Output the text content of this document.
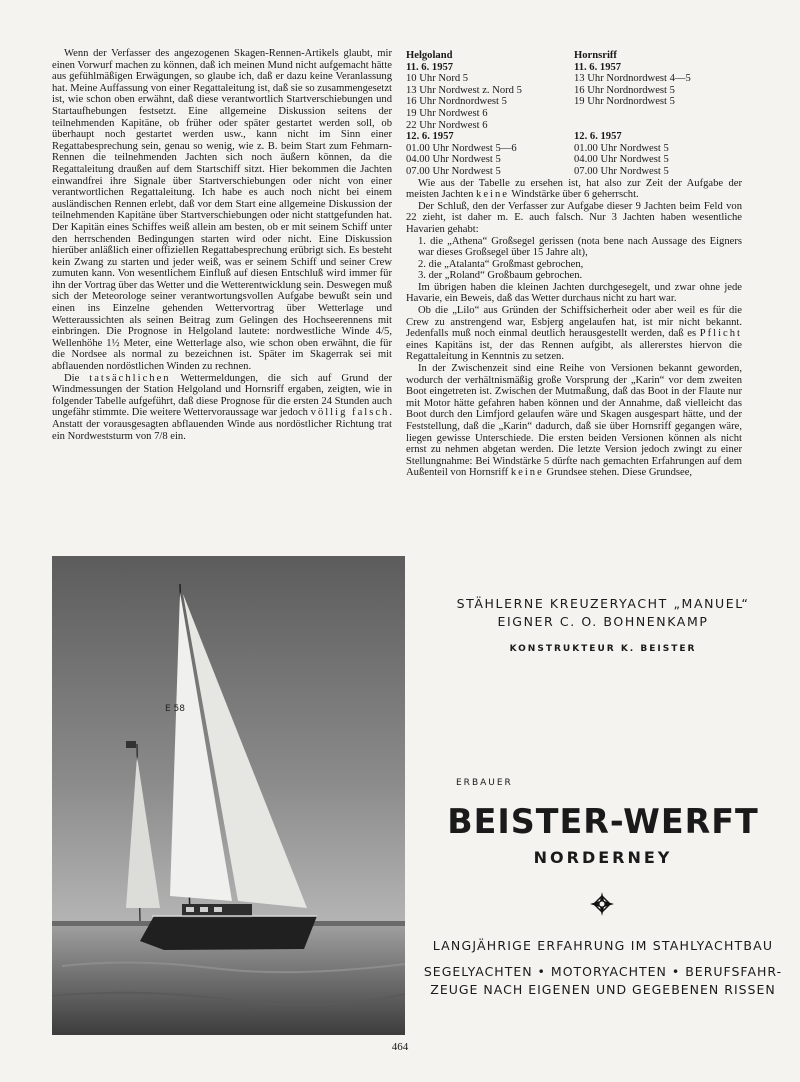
Wenn der Verfasser des angezogenen Skagen-Rennen-Artikels glaubt, mir einen Vorwurf machen zu können, daß ich meinen Mund nicht aufgemacht hätte aus gefühlmäßigen Erwägungen, so glaube ich, daß er dazu keine Veranlassung hat. Meine Auffassung von einer Regattaleitung ist, daß sie so zusammengesetzt ist, wie schon oben erwähnt, daß diese verantwortlich Startverschiebungen und Startaufhebungen festsetzt. Eine allgemeine Diskussion seitens der teilnehmenden Kapitäne, ob früher oder später gestartet werden soll, ob überhaupt noch gestartet werden usw., kann nicht im Sinn einer Regattabesprechung sein, genau so wenig, wie z. B. beim Start zum Fehmarn-Rennen die teilnehmenden Jachten sich noch äußern können, da die Regattaleitung draußen auf dem Startschiff sitzt. Hier bekommen die Jachten einwandfrei ihre Signale über Startverschiebungen oder nicht von einer verantwortlichen Regattaleitung. Ich habe es auch noch nicht bei einem ausländischen Rennen erlebt, daß vor dem Start eine allgemeine Diskussion der teilnehmenden Kapitäne über Startverschiebungen oder nicht stattgefunden hat. Der Kapitän eines Schiffes weiß allein am besten, ob er mit seinem Schiff unter den herrschenden Bedingungen starten wird oder nicht. Eine Diskussion hierüber anläßlich einer offiziellen Regattabesprechung erübrigt sich. Es besteht kein Zwang zu starten und jeder weiß, was er seinem Schiff und seiner Crew zumuten kann. Von wesentlichem Einfluß auf diesen Entschluß wird immer für ihn der Vortrag über das Wetter und die Wetterentwicklung sein. Deswegen muß sich der Meteorologe seiner verantwortungsvollen Aufgabe bewußt sein und einen ins Einzelne gehenden Wettervortrag über Wetterlage und Wetteraussichten als seinen Beitrag zum Gelingen des Hochseerennens mit einbringen. Die Prognose in Helgoland lautete: nordwestliche Winde 4/5, Wellenhöhe 1½ Meter, eine Wetterlage also, wie schon oben erwähnt, die für die Nordsee als normal zu bezeichnen ist. Später im Skagerrak sei mit abflauenden nordöstlichen Winden zu rechnen.

Die tatsächlichen Wettermeldungen, die sich auf Grund der Windmessungen der Station Helgoland und Hornsriff ergaben, zeigten, wie in folgender Tabelle aufgeführt, daß diese Prognose für die ersten 24 Stunden auch ungefähr stimmte. Die weitere Wettervoraussage war jedoch völlig falsch. Anstatt der vorausgesagten abflauenden Winde aus nordöstlicher Richtung trat ein Nordweststurm von 7/8 ein.

Helgoland
11. 6. 1957
10 Uhr Nord 5
13 Uhr Nordwest z. Nord 5
16 Uhr Nordnordwest 5
19 Uhr Nordwest 6
22 Uhr Nordwest 6
12. 6. 1957
01.00 Uhr Nordwest 5—6
04.00 Uhr Nordwest 5
07.00 Uhr Nordwest 5
Hornsriff
11. 6. 1957
13 Uhr Nordnordwest 4—5
16 Uhr Nordnordwest 5
19 Uhr Nordnordwest 5
12. 6. 1957
01.00 Uhr Nordwest 5
04.00 Uhr Nordwest 5
07.00 Uhr Nordwest 5

Wie aus der Tabelle zu ersehen ist, hat also zur Zeit der Aufgabe der meisten Jachten keine Windstärke über 6 geherrscht.

Der Schluß, den der Verfasser zur Aufgabe dieser 9 Jachten beim Feld von 22 zieht, ist daher m. E. auch falsch. Nur 3 Jachten haben wesentliche Havarien gehabt:

1. die „Athena“ Großsegel gerissen (nota bene nach Aussage des Eigners war dieses Großsegel über 15 Jahre alt),

2. die „Atalanta“ Großmast gebrochen,

3. der „Roland“ Großbaum gebrochen.

Im übrigen haben die kleinen Jachten durchgesegelt, und zwar ohne jede Havarie, ein Beweis, daß das Wetter durchaus nicht zu hart war.

Ob die „Lilo“ aus Gründen der Schiffsicherheit oder aber weil es für die Crew zu anstrengend war, Esbjerg angelaufen hat, ist mir nicht bekannt. Jedenfalls muß noch einmal deutlich herausgestellt werden, daß es Pflicht eines Kapitäns ist, der das Rennen aufgibt, als allererstes hiervon die Regattaleitung in Kenntnis zu setzen.

In der Zwischenzeit sind eine Reihe von Versionen bekannt geworden, wodurch der verhältnismäßig große Vorsprung der „Karin“ vor dem zweiten Boot eingetreten ist. Zwischen der Mutmaßung, daß das Boot in der Flaute nur mit Motor hätte gefahren haben können und der Annahme, daß vielleicht das Boot durch den Limfjord gelaufen wäre und Skagen ausgespart hätte, und der Feststellung, daß die „Karin“ dadurch, daß sie über Hornsriff gegangen wäre, liegen gewisse Unterschiede. Die ersten beiden Versionen können als nicht ernst zu nehmen abgetan werden. Die letzte Version jedoch zwingt zu einer Stellungnahme: Bei Windstärke 5 dürfte nach gemachten Erfahrungen auf dem Außenteil von Hornsriff keine Grundsee stehen. Diese Grundsee,

E 58
STÄHLERNE KREUZERYACHT „MANUEL“
EIGNER C. O. BOHNENKAMP
KONSTRUKTEUR K. BEISTER
ERBAUER
BEISTER-WERFT
NORDERNEY
LANGJÄHRIGE ERFAHRUNG IM STAHLYACHTBAU
SEGELYACHTEN • MOTORYACHTEN • BERUFSFAHR-
ZEUGE NACH EIGENEN UND GEGEBENEN RISSEN
464
